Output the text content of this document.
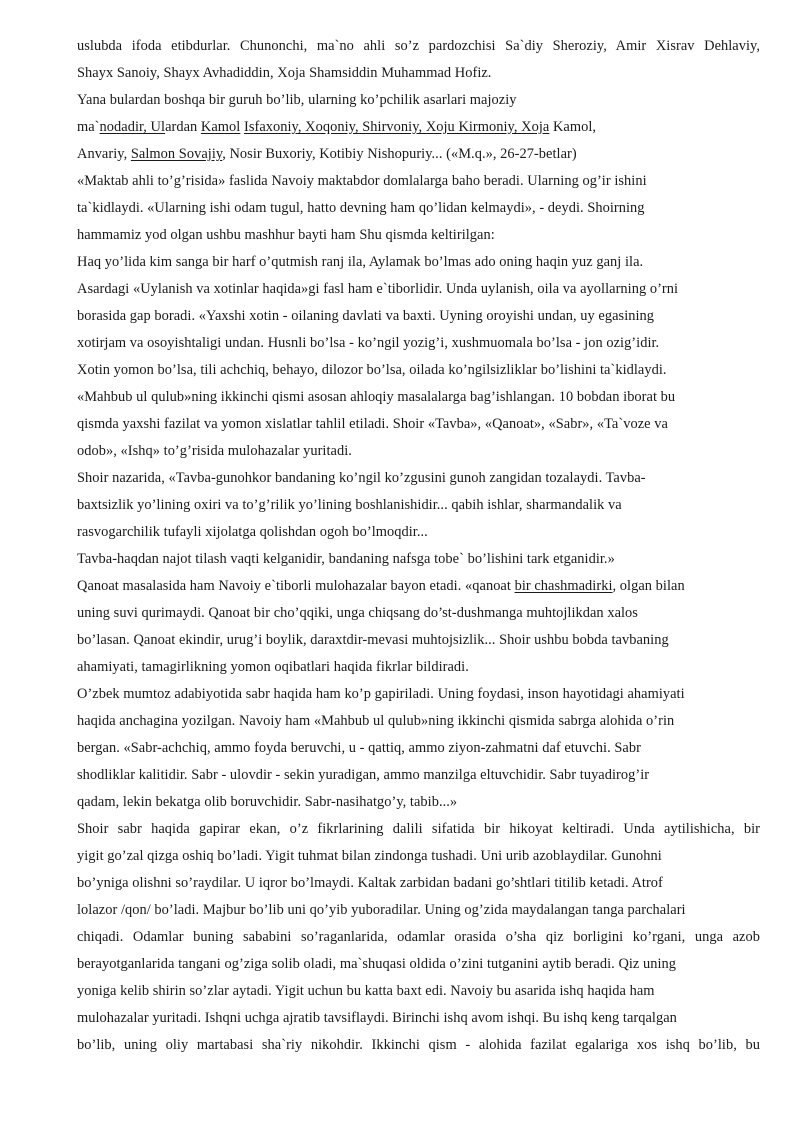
uslubda ifoda etibdurlar. Chunonchi, ma`no ahli so’z pardozchisi Sa`diy Sheroziy, Amir Xisrav Dehlaviy,
Shayx Sanoiy, Shayx Avhadiddin, Xoja Shamsiddin Muhammad Hofiz.
Yana bulardan boshqa bir guruh bo’lib, ularning ko’pchilik asarlari majoziy
ma`nodadir, Ulardan Kamol Isfaxoniy, Xoqoniy, Shirvoniy, Xoju Kirmoniy, Xoja Kamol,
Anvariy, Salmon Sovajiy, Nosir Buxoriy, Kotibiy Nishopuriy... («M.q.», 26-27-betlar)
«Maktab ahli to’g’risida» faslida Navoiy maktabdor domlalarga baho beradi. Ularning og’ir ishini
ta`kidlaydi. «Ularning ishi odam tugul, hatto devning ham qo’lidan kelmaydi», - deydi. Shoirning
hammamiz yod olgan ushbu mashhur bayti ham Shu qismda keltirilgan:
Haq yo’lida kim sanga bir harf o’qutmish ranj ila, Aylamak bo’lmas ado oning haqin yuz ganj ila.
Asardagi «Uylanish va xotinlar haqida»gi fasl ham e`tiborlidir. Unda uylanish, oila va ayollarning o’rni
borasida gap boradi. «Yaxshi xotin - oilaning davlati va baxti. Uyning oroyishi undan, uy egasining
xotirjam va osoyishtaligi undan. Husnli bo’lsa - ko’ngil yozig’i, xushmuomala bo’lsa - jon ozig’idir.
Xotin yomon bo’lsa, tili achchiq, behayo, dilozor bo’lsa, oilada ko’ngilsizliklar bo’lishini ta`kidlaydi.
«Mahbub ul qulub»ning ikkinchi qismi asosan ahloqiy masalalarga bag’ishlangan. 10 bobdan iborat bu
qismda yaxshi fazilat va yomon xislatlar tahlil etiladi. Shoir «Tavba», «Qanoat», «Sabr», «Ta`voze va
odob», «Ishq» to’g’risida mulohazalar yuritadi.
Shoir nazarida, «Tavba-gunohkor bandaning ko’ngil ko’zgusini gunoh zangidan tozalaydi. Tavba-
baxtsizlik yo’lining oxiri va to’g’rilik yo’lining boshlanishidir... qabih ishlar, sharmandalik va
rasvogarchilik tufayli xijolatga qolishdan ogoh bo’lmoqdir...
Tavba-haqdan najot tilash vaqti kelganidir, bandaning nafsga tobe` bo’lishini tark etganidir.»
Qanoat masalasida ham Navoiy e`tiborli mulohazalar bayon etadi. «qanoat bir chashmadirki, olgan bilan
uning suvi qurimaydi. Qanoat bir cho’qqiki, unga chiqsang do’st-dushmanga muhtojlikdan xalos
bo’lasan. Qanoat ekindir, urug’i boylik, daraxtdir-mevasi muhtojsizlik... Shoir ushbu bobda tavbaning
ahamiyati, tamagirlikning yomon oqibatlari haqida fikrlar bildiradi.
O’zbek mumtoz adabiyotida sabr haqida ham ko’p gapiriladi. Uning foydasi, inson hayotidagi ahamiyati
haqida anchagina yozilgan. Navoiy ham «Mahbub ul qulub»ning ikkinchi qismida sabrga alohida o’rin
bergan. «Sabr-achchiq, ammo foyda beruvchi, u - qattiq, ammo ziyon-zahmatni daf etuvchi. Sabr
shodliklar kalitidir. Sabr - ulovdir - sekin yuradigan, ammo manzilga eltuvchidir. Sabr tuyadirog’ir
qadam, lekin bekatga olib boruvchidir. Sabr-nasihatgo’y, tabib...»
Shoir sabr haqida gapirar ekan, o’z fikrlarining dalili sifatida bir hikoyat keltiradi. Unda aytilishicha, bir
yigit go’zal qizga oshiq bo’ladi. Yigit tuhmat bilan zindonga tushadi. Uni urib azoblaydilar. Gunohni
bo’yniga olishni so’raydilar. U iqror bo’lmaydi. Kaltak zarbidan badani go’shtlari titilib ketadi. Atrof
lolazor /qon/ bo’ladi. Majbur bo’lib uni qo’yib yuboradilar. Uning og’zida maydalangan tanga parchalari
chiqadi. Odamlar buning sababini so’raganlarida, odamlar orasida o’sha qiz borligini ko’rgani, unga azob
berayotganlarida tangani og’ziga solib oladi, ma`shuqasi oldida o’zini tutganini aytib beradi. Qiz uning
yoniga kelib shirin so’zlar aytadi. Yigit uchun bu katta baxt edi. Navoiy bu asarida ishq haqida ham
mulohazalar yuritadi. Ishqni uchga ajratib tavsiflaydi. Birinchi ishq avom ishqi. Bu ishq keng tarqalgan
bo’lib, uning oliy martabasi sha`riy nikohdir. Ikkinchi qism - alohida fazilat egalariga xos ishq bo’lib, bu
